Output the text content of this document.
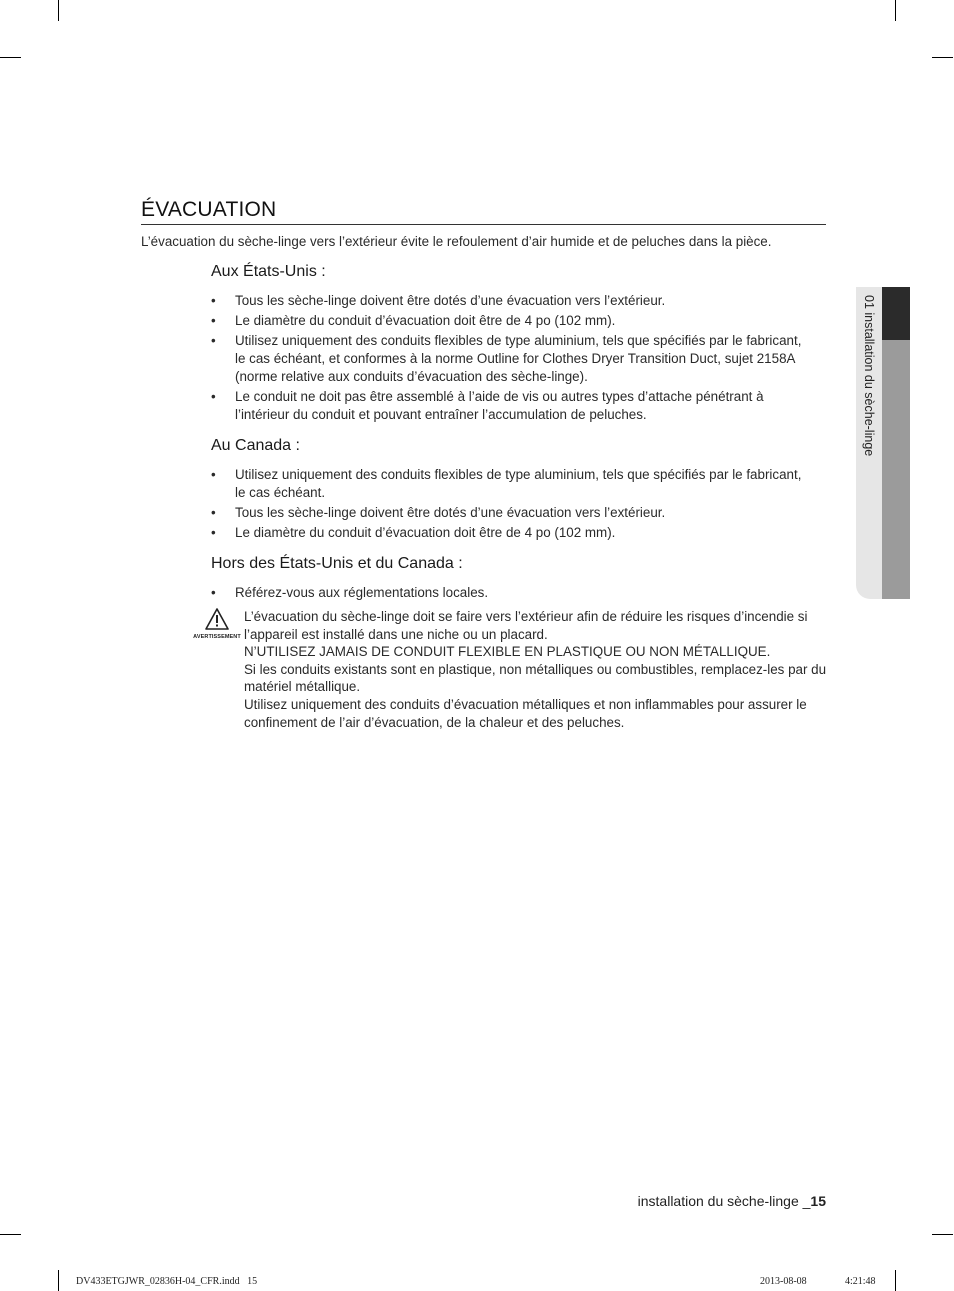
ÉVACUATION

L’évacuation du sèche-linge vers l’extérieur évite le refoulement d’air humide et de peluches dans la pièce.

Aux États-Unis :
• Tous les sèche-linge doivent être dotés d’une évacuation vers l’extérieur.
• Le diamètre du conduit d’évacuation doit être de 4 po (102 mm).
• Utilisez uniquement des conduits flexibles de type aluminium, tels que spécifiés par le fabricant, le cas échéant, et conformes à la norme Outline for Clothes Dryer Transition Duct, sujet 2158A (norme relative aux conduits d’évacuation des sèche-linge).
• Le conduit ne doit pas être assemblé à l’aide de vis ou autres types d’attache pénétrant à l’intérieur du conduit et pouvant entraîner l’accumulation de peluches.
Au Canada :
• Utilisez uniquement des conduits flexibles de type aluminium, tels que spécifiés par le fabricant, le cas échéant.
• Tous les sèche-linge doivent être dotés d’une évacuation vers l’extérieur.
• Le diamètre du conduit d’évacuation doit être de 4 po (102 mm).
Hors des États-Unis et du Canada :
• Référez-vous aux réglementations locales.
AVERTISSEMENT

L’évacuation du sèche-linge doit se faire vers l’extérieur afin de réduire les risques d’incendie si l’appareil est installé dans une niche ou un placard.

N’UTILISEZ JAMAIS DE CONDUIT FLEXIBLE EN PLASTIQUE OU NON MÉTALLIQUE.

Si les conduits existants sont en plastique, non métalliques ou combustibles, remplacez-les par du matériel métallique.

Utilisez uniquement des conduits d’évacuation métalliques et non inflammables pour assurer le confinement de l’air d’évacuation, de la chaleur et des peluches.

01 installation du sèche-linge
installation du sèche-linge _15
DV433ETGJWR_02836H-04_CFR.indd   15	2013-08-08	4:21:48
